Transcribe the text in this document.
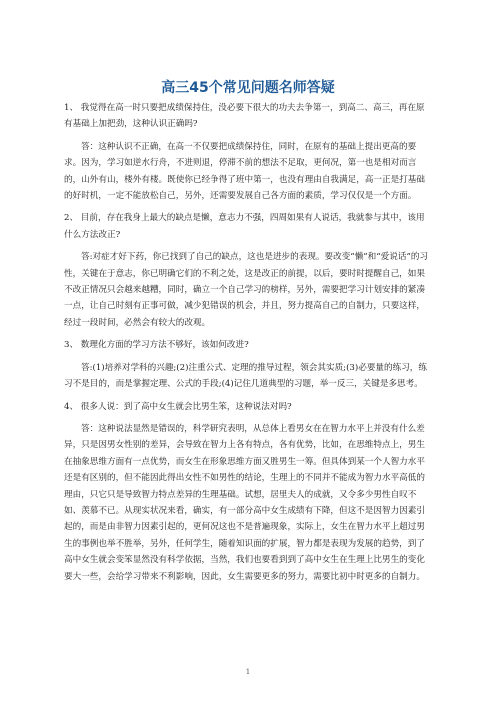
高三45个常见问题名师答疑

1、 我觉得在高一时只要把成绩保持住，没必要下很大的功夫去争第一，到高二、高三，再在原有基础上加把劲，这种认识正确吗?

答：这种认识不正确，在高一不仅要把成绩保持住，同时，在原有的基础上提出更高的要求。因为，学习如逆水行舟，不进则退，停滞不前的想法不足取，更何况，第一也是相对而言的，山外有山，楼外有楼。既使你已经争得了班中第一，也没有理由自我满足，高一正是打基础的好时机，一定不能放松自己，另外，还需要发展自己各方面的素质，学习仅仅是一个方面。

2、 目前，存在我身上最大的缺点是懒，意志力不强，四周如果有人说话，我就参与其中，该用什么方法改正?

答:对症才好下药，你已找到了自己的缺点，这也是进步的表现。要改变“懒”和“爱说话”的习性，关键在于意志，你已明确它们的不利之处，这是改正的前提，以后，要时时提醒自己，如果不改正情况只会越来越糟，同时，确立一个自己学习的榜样，另外，需要把学习计划安排的紧凑一点，让自己时刻有正事可做，减少犯错误的机会，并且，努力提高自己的自制力，只要这样，经过一段时间，必然会有较大的改观。

3、 数理化方面的学习方法不够好，该如何改进?

答:(1)培养对学科的兴趣;(2)注重公式、定理的推导过程，领会其实质;(3)必要量的练习，练习不是目的，而是掌握定理、公式的手段;(4)记住几道典型的习题，举一反三，关键是多思考。

4、 很多人说：到了高中女生就会比男生笨，这种说法对吗?

答：这种说法显然是错误的，科学研究表明，从总体上看男女在在智力水平上并没有什么差异，只是因男女性别的差异，会导致在智力上各有特点，各有优势，比如，在思维特点上，男生在抽象思维方面有一点优势，而女生在形象思维方面又胜男生一筹。但具体到某一个人智力水平还是有区别的，但不能因此得出女性不如男性的结论，生理上的不同并不能成为智力水平高低的理由，只它只是导致智力特点差异的生理基础。试想，居里夫人的成就，又令多少男性自叹不如、羡慕不已。从现实状况来看，确实，有一部分高中女生成绩有下降，但这不是因智力因素引起的，而是由非智力因素引起的，更何况这也不是普遍现象，实际上，女生在智力水平上超过男生的事例也举不胜举，另外，任何学生，随着知识面的扩展，智力都是表现为发展的趋势，到了高中女生就会变笨显然没有科学依据，当然，我们也要看到到了高中女生在生理上比男生的变化要大一些，会给学习带来不利影响，因此，女生需要更多的努力，需要比初中时更多的自制力。

1
